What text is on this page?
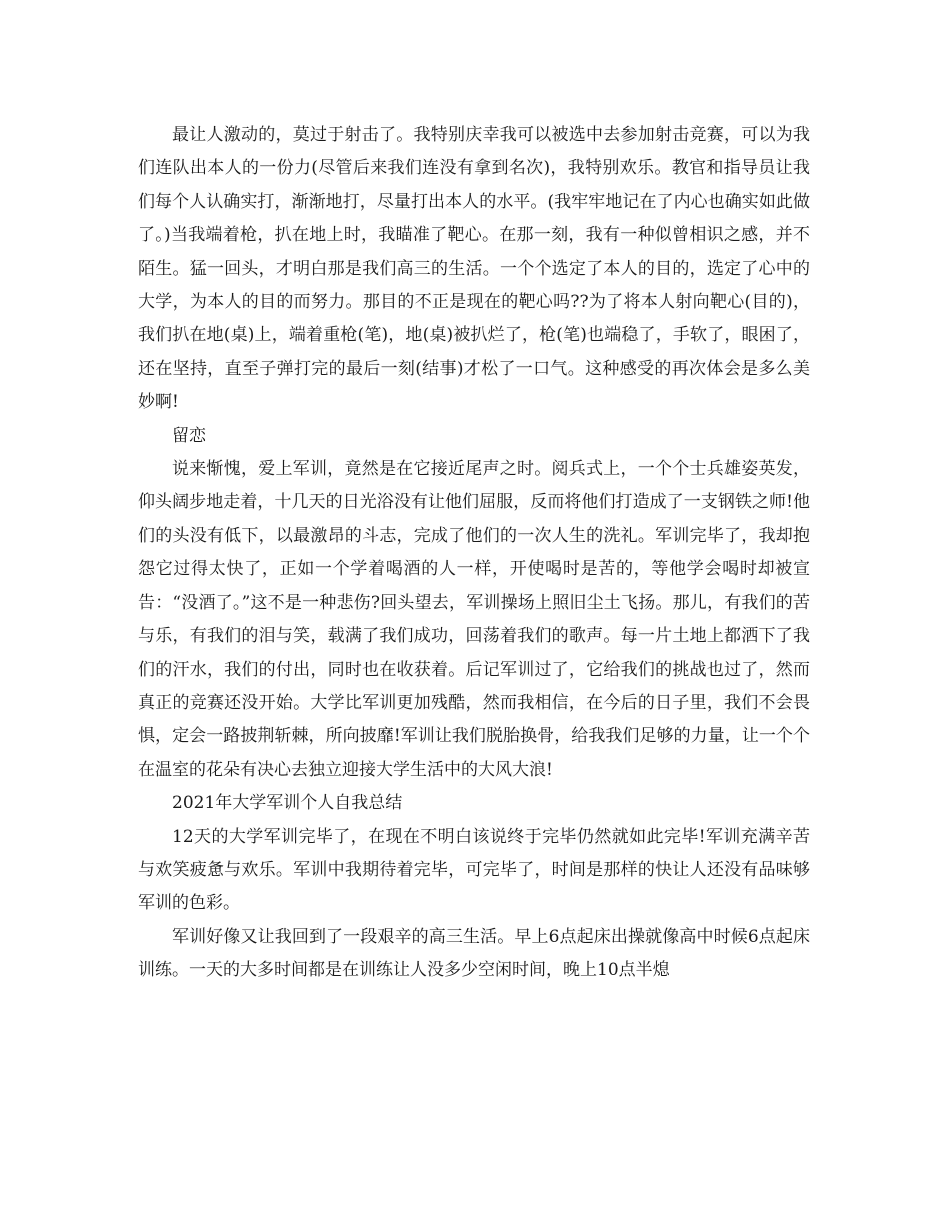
最让人激动的，莫过于射击了。我特别庆幸我可以被选中去参加射击竞赛，可以为我们连队出本人的一份力(尽管后来我们连没有拿到名次)，我特别欢乐。教官和指导员让我们每个人认确实打，渐渐地打，尽量打出本人的水平。(我牢牢地记在了内心也确实如此做了。)当我端着枪，扒在地上时，我瞄准了靶心。在那一刻，我有一种似曾相识之感，并不陌生。猛一回头，才明白那是我们高三的生活。一个个选定了本人的目的，选定了心中的大学，为本人的目的而努力。那目的不正是现在的靶心吗??为了将本人射向靶心(目的)，我们扒在地(桌)上，端着重枪(笔)，地(桌)被扒烂了，枪(笔)也端稳了，手软了，眼困了，还在坚持，直至子弹打完的最后一刻(结事)才松了一口气。这种感受的再次体会是多么美妙啊!

留恋

说来惭愧，爱上军训，竟然是在它接近尾声之时。阅兵式上，一个个士兵雄姿英发，仰头阔步地走着，十几天的日光浴没有让他们屈服，反而将他们打造成了一支钢铁之师!他们的头没有低下，以最激昂的斗志，完成了他们的一次人生的洗礼。军训完毕了，我却抱怨它过得太快了，正如一个学着喝酒的人一样，开使喝时是苦的，等他学会喝时却被宣告：“没酒了。”这不是一种悲伤?回头望去，军训操场上照旧尘土飞扬。那儿，有我们的苦与乐，有我们的泪与笑，载满了我们成功，回荡着我们的歌声。每一片土地上都洒下了我们的汗水，我们的付出，同时也在收获着。后记军训过了，它给我们的挑战也过了，然而真正的竞赛还没开始。大学比军训更加残酷，然而我相信，在今后的日子里，我们不会畏惧，定会一路披荆斩棘，所向披靡!军训让我们脱胎换骨，给我我们足够的力量，让一个个在温室的花朵有决心去独立迎接大学生活中的大风大浪!

2021年大学军训个人自我总结

12天的大学军训完毕了，在现在不明白该说终于完毕仍然就如此完毕!军训充满辛苦与欢笑疲惫与欢乐。军训中我期待着完毕，可完毕了，时间是那样的快让人还没有品味够军训的色彩。

军训好像又让我回到了一段艰辛的高三生活。早上6点起床出操就像高中时候6点起床训练。一天的大多时间都是在训练让人没多少空闲时间，晚上10点半熄
